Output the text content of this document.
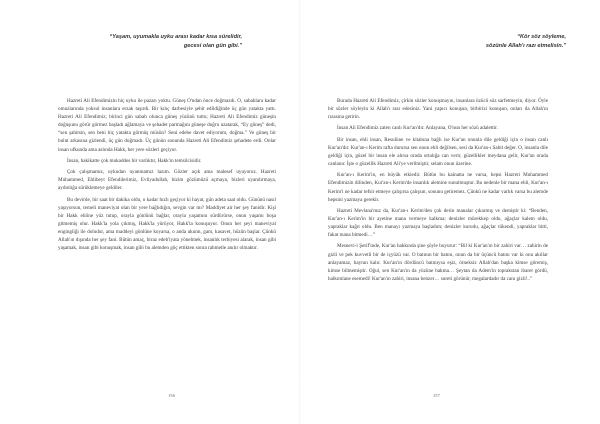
“Yaşam, uyumakla uyku arası kadar kısa sürelidir,
gecesi olan gün gibi.”

Hazreti Ali Efendimizin hiç uyku ile pazarı yoktu. Güneş O'ndan önce doğmazdı. O, sabahlara kadar omuzlarında yoksul insanlara erzak taşırdı. Bir kılıç darbesiyle şehit edildiğinde üç gün yatakta yattı. Hazreti Ali Efendimiz; birinci gün sabah olunca güneş yüzünü tuttu; Hazreti Ali Efendimiz güneşin doğuşunu görür görmez başladı ağlamaya ve şehadet parmağını güneşe doğru uzatarak, “Ey güneş” dedi, “sen şahitsin, sen beni hiç yatakta görmüş müsün? Seni edebe davet ediyorum, doğma.” Ve güneş bir bulut arkasına gizlendi, üç gün doğmadı. Üç günün sonunda Hazreti Ali Efendimiz şehadete erdi. Onlar insan ufkunda ama aslında Hakk, her yere sözleri geçiyor.

İnsan, hakikatte çok mukaddes bir varlıktır, Hakk'ın temsilcisidir.

Çok çalışmamız, uykudan uyanmamız lazım. Gözler açık ama malesef uyuyoruz. Hazreti Muhammed, Ehlibeyt Efendilerimiz, Evliyadullah, bizim gözümüzü açmaya, bizleri uyandırmaya, aydınlığa sürüklemeye geldiler.

Bu devirde, bir saat bir dakika oldu, o kadar hızlı geçiyor ki hayat, gün adeta saat oldu. Gününü nasıl yaşıyorsun, temeli maneviyat olan bir yere bağlıdığın, sevgin var mı? Maddiyet air her şey fanidir. Kişi bir Hakk ehline yüz tutup, orayla gönlünü bağlar, orayla yaşamını sürdürürse, onun yaşamı boşa gitmemiş olur. Hakk'la yola çıkmış, Hakk'la yürüyor, Hakk'la konuşuyor. Onun her şeyi maneviyat engingliği ile doludur, ama maddeyi gönlüne koyarsa, o anda ukunn, gam, kasavet, hüzün başlar. Çünkü Allah'ın dışında her şey fani. Bütün amaç, biraz edeb'iyata yönelmek, insanlık terbiyesi alarak, insan gibi yaşamak, insan gibi konuşmak, insan gibi bu alemden göç ettikten sonra rahmetle anılır olmaktır.

156
“Kör söz söyleme,
sözünle Allah'ı razı etmelisin.”

Burada Hazreti Ali Efendimiz, çirkin sözler konuşmayın, insanlara üzücü söz sarfetmeyin, diyor. Öyle bir sözler söyleyin ki Allah'ı razı edesiniz. Yani yapıcı konuşun, birbirizi konuşun, onları da Allah'ın rızasına getirin.

İnsan Ali Efendimiz zaten canlı Kur'an'dır. Anlayana, O'nun her sözü adalettir.

Bir insan, ehli insan, Resulüne ve kitabına bağlı ise Kur'an onunla dile geldiği için o insan canlı Kur'an'dır. Kur'an-ı Kerim rafta durursa sen onun ehli değilsen, sesi da Kur'an-ı Sabit değer. O, insanla dile geldiği için, güzel bir insan ele alırsa orada ortalığa can verir, güzellikler meydana gelir, Kur'an orada canlanır. İşte o güzellik Hazreti Ali'ye verilmiştir, selam onun üzerine.

Kur'an-ı Kerim'in, en büyük etkiedir. Bütün bu kainatta ne varsa, hepsi Hazreti Muhammed Efendimizin dilinden, Kur'an-ı Kerim'de insanlık alemine sunulmuştur. Bu nedenle bir mana ehli, Kur'an-ı Kerim'i ne kadar tefsir etmeye çalışırsa çalışsın, sonunu getiremez. Çünkü ne kadar varlık varsa bu alemde hepsini yazmaya gerekir.

Hazreti Mevlana'mız da, Kur'an-ı Kerim'den çok derin manalar çıkarmış ve demiştir ki: “Benden, Kur'an-ı Kerim'in bir ayetine mana vermeye kalkma; denizler mürekkep oldu, ağaçlar kalem oldu, yapraklar kağıt oldu. Ben manayı yazmaya başladım; denizler kurudu, ağaçlar tükendi, yapraklar bitti, fakat mana bitmedi…”

Mesnevi-i Şerif'inde, Kur'an hakkında şine şöyle buyurur: “Bil ki Kur'an'ın bir zahiri var… zahirin de gizli ve pek kuvvetli bir de içyüzü var. O batının bir batını, onun da bir üçüncü batını var ki onu akıllar anlayamaz, hayran kalır. Kur'an'ın dördüncü batınıysa eşiz, örneksiz Allah'dan başka kimse göremiş, kimse bilmemiştir. Oğul, sen Kur'an'ın da yüzüne bakma… Şeytan da Adem'in toprakstan ibaret gördü, halkımlane esemedi! Kur'an'ın zahiri, insana benzer… sureti görünür, megalardadır da canı gizli!..”

157
